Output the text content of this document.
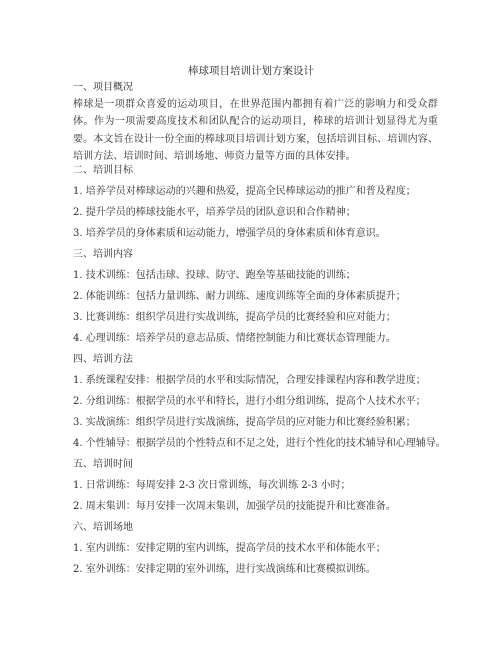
棒球项目培训计划方案设计
一、项目概况
棒球是一项群众喜爱的运动项目，在世界范围内都拥有着广泛的影响力和受众群体。作为一项需要高度技术和团队配合的运动项目，棒球的培训计划显得尤为重要。本文旨在设计一份全面的棒球项目培训计划方案，包括培训目标、培训内容、培训方法、培训时间、培训场地、师资力量等方面的具体安排。
二、培训目标
1. 培养学员对棒球运动的兴趣和热爱，提高全民棒球运动的推广和普及程度；
2. 提升学员的棒球技能水平，培养学员的团队意识和合作精神；
3. 培养学员的身体素质和运动能力，增强学员的身体素质和体育意识。
三、培训内容
1. 技术训练：包括击球、投球、防守、跑垒等基础技能的训练；
2. 体能训练：包括力量训练、耐力训练、速度训练等全面的身体素质提升；
3. 比赛训练：组织学员进行实战训练，提高学员的比赛经验和应对能力；
4. 心理训练：培养学员的意志品质、情绪控制能力和比赛状态管理能力。
四、培训方法
1. 系统课程安排：根据学员的水平和实际情况，合理安排课程内容和教学进度；
2. 分组训练：根据学员的水平和特长，进行小组分组训练，提高个人技术水平；
3. 实战演练：组织学员进行实战演练，提高学员的应对能力和比赛经验积累；
4. 个性辅导：根据学员的个性特点和不足之处，进行个性化的技术辅导和心理辅导。
五、培训时间
1. 日常训练：每周安排 2-3 次日常训练，每次训练 2-3 小时；
2. 周末集训：每月安排一次周末集训，加强学员的技能提升和比赛准备。
六、培训场地
1. 室内训练：安排定期的室内训练，提高学员的技术水平和体能水平；
2. 室外训练：安排定期的室外训练，进行实战演练和比赛模拟训练。
